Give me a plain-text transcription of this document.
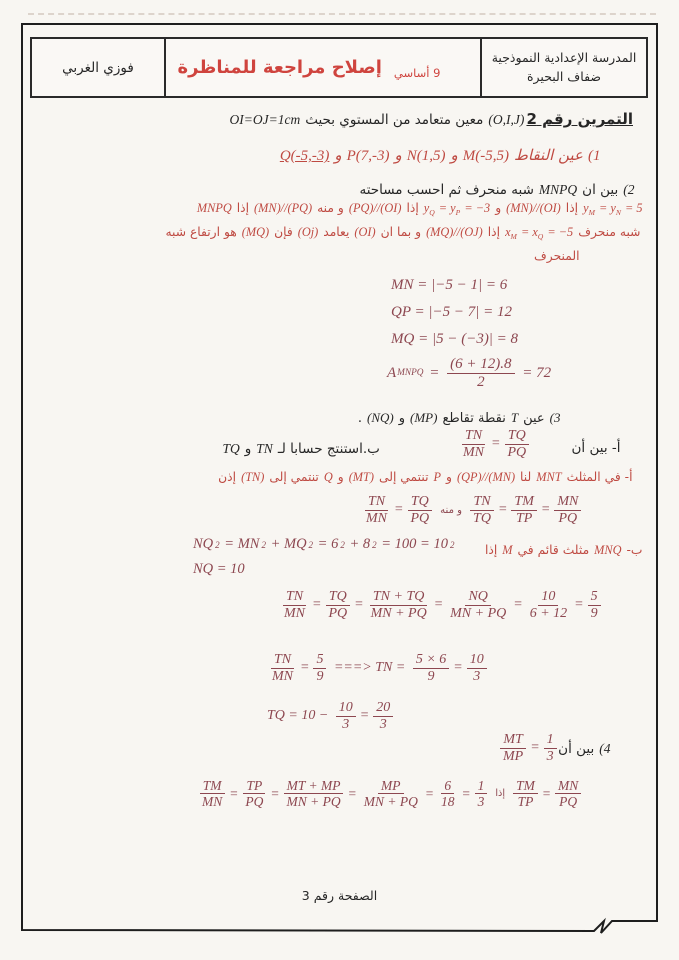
فوزي الغربي	9 أساسي
إصلاح مراجعة للمناظرة	المدرسة الإعدادية النموذجية
ضفاف البحيرة
التمرين رقم 2
(O,I,J)معين متعامد من المستوي بحيثOI=OJ=1cm
(1عين النقاطM(-5,5)وN(1,5)وP(7,-3)وQ(-5,-3)
(2بين انMNPQشبه منحرف ثم احسب مساحته
$y_M = y_N$ = 5إذا(MN)//(OI)وy$_Q$ = $y_P$ = −3إذا(PQ)//(OI)و منه(MN)//(PQ)إذاMNPQ
شبه منحرفx$_M$ = $x_Q$ = −5إذا(MQ)//(OJ)و بما ان(OI)يعامد(Oj)فإن(MQ)هو ارتفاع شبه
المنحرف
MN = |−5 − 1| = 6
QP = |−5 − 7| = 12
MQ = |5 − (−3)| = 8
A MNPQ = $\frac{(6 + 12).8}{2} = 72$
(3عينTنقطة تقاطع(MP)و(NQ).
أ- بين أن
$\frac{TN}{MN} = \frac{TQ}{PQ}$
ب.استنتج حسابا لـTNوTQ
أ- في المثلثMNTلنا(QP)//(MN)وPتنتمي إلى(MT)وQتنتمي إلى(TN)إذن
$\frac{TN}{MN} = \frac{TQ}{PQ}$ و منه $\frac{TN}{TQ} = \frac{TM}{TP} = \frac{MN}{PQ}$
ب-MNQمثلث قائم فيMإذا
NQ 2 = MN 2 + MQ 2 = 6 2 + 8 2 = 100 = 10 2
NQ = 10
$\frac{TN}{MN} = \frac{TQ}{PQ} = \frac{TN + TQ}{MN + PQ} = \frac{NQ}{MN + PQ} = \frac{10}{6 + 12} = \frac{5}{9}$
$\frac{TN}{MN} = \frac{5}{9}$ ===> TN = $\frac{5 \times 6}{9} = \frac{10}{3}$
TQ = $10 - \frac{10}{3} = \frac{20}{3}$
(4بين أن
$\frac{MT}{MP} = \frac{1}{3}$
$\frac{TM}{MN} = \frac{TP}{PQ} = \frac{MT + MP}{MN + PQ} = \frac{MP}{MN + PQ} = \frac{6}{18} = \frac{1}{3}$ إذا $\frac{TM}{TP} = \frac{MN}{PQ}$
الصفحة رقم 3
